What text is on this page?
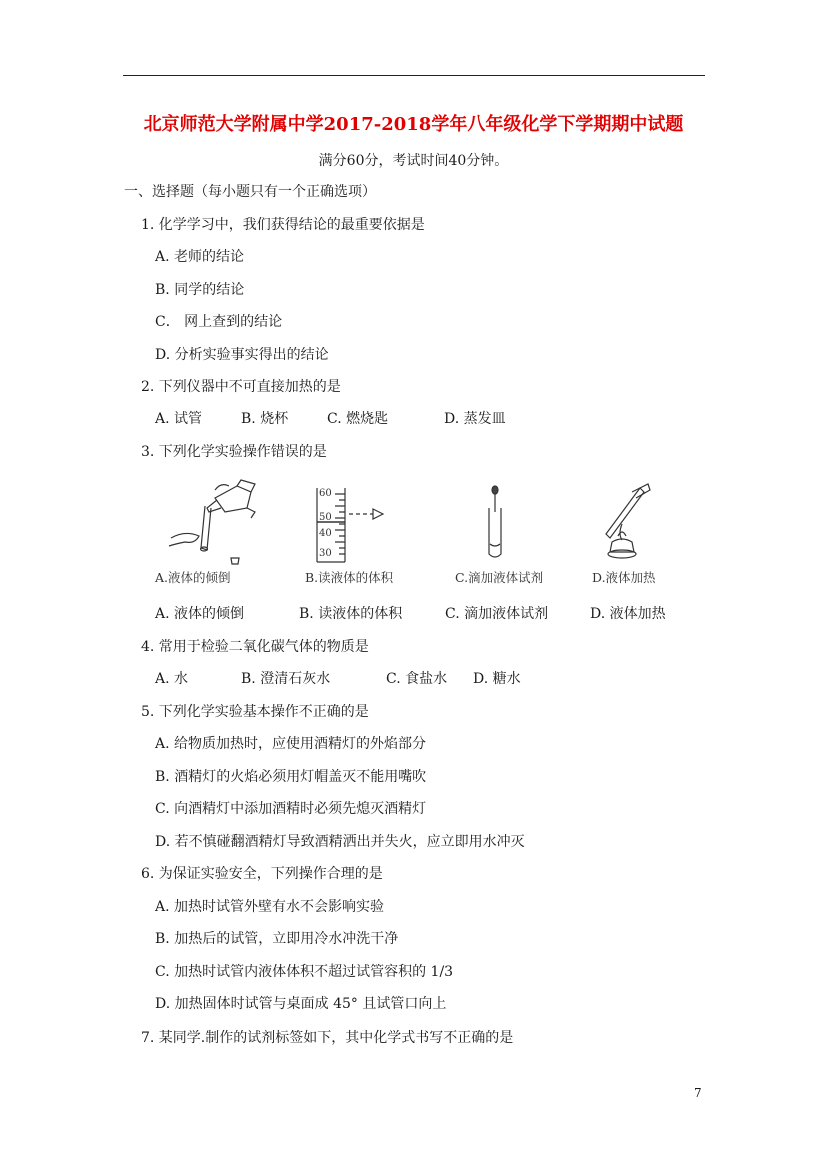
北京师范大学附属中学2017-2018学年八年级化学下学期期中试题
满分60分，考试时间40分钟。
一、选择题（每小题只有一个正确选项）
1. 化学学习中，我们获得结论的最重要依据是
A. 老师的结论
B. 同学的结论
C． 网上查到的结论
D. 分析实验事实得出的结论
2. 下列仪器中不可直接加热的是
A. 试管	B. 烧杯	C. 燃烧匙	D. 蒸发皿
3. 下列化学实验操作错误的是
A.液体的倾倒
60
50
40
30
B.读液体的体积	C.滴加液体试剂	D.液体加热
A. 液体的倾倒	B. 读液体的体积	C. 滴加液体试剂	D. 液体加热
4. 常用于检验二氧化碳气体的物质是
A. 水	B. 澄清石灰水	C. 食盐水 D. 糖水
5. 下列化学实验基本操作不正确的是
A. 给物质加热时，应使用酒精灯的外焰部分
B. 酒精灯的火焰必须用灯帽盖灭不能用嘴吹
C. 向酒精灯中添加酒精时必须先熄灭酒精灯
D. 若不慎碰翻酒精灯导致酒精洒出并失火，应立即用水冲灭
6. 为保证实验安全，下列操作合理的是
A. 加热时试管外壁有水不会影响实验
B. 加热后的试管，立即用冷水冲洗干净
C. 加热时试管内液体体积不超过试管容积的 1/3
D. 加热固体时试管与桌面成 45° 且试管口向上
7. 某同学.制作的试剂标签如下，其中化学式书写不正确的是
7
